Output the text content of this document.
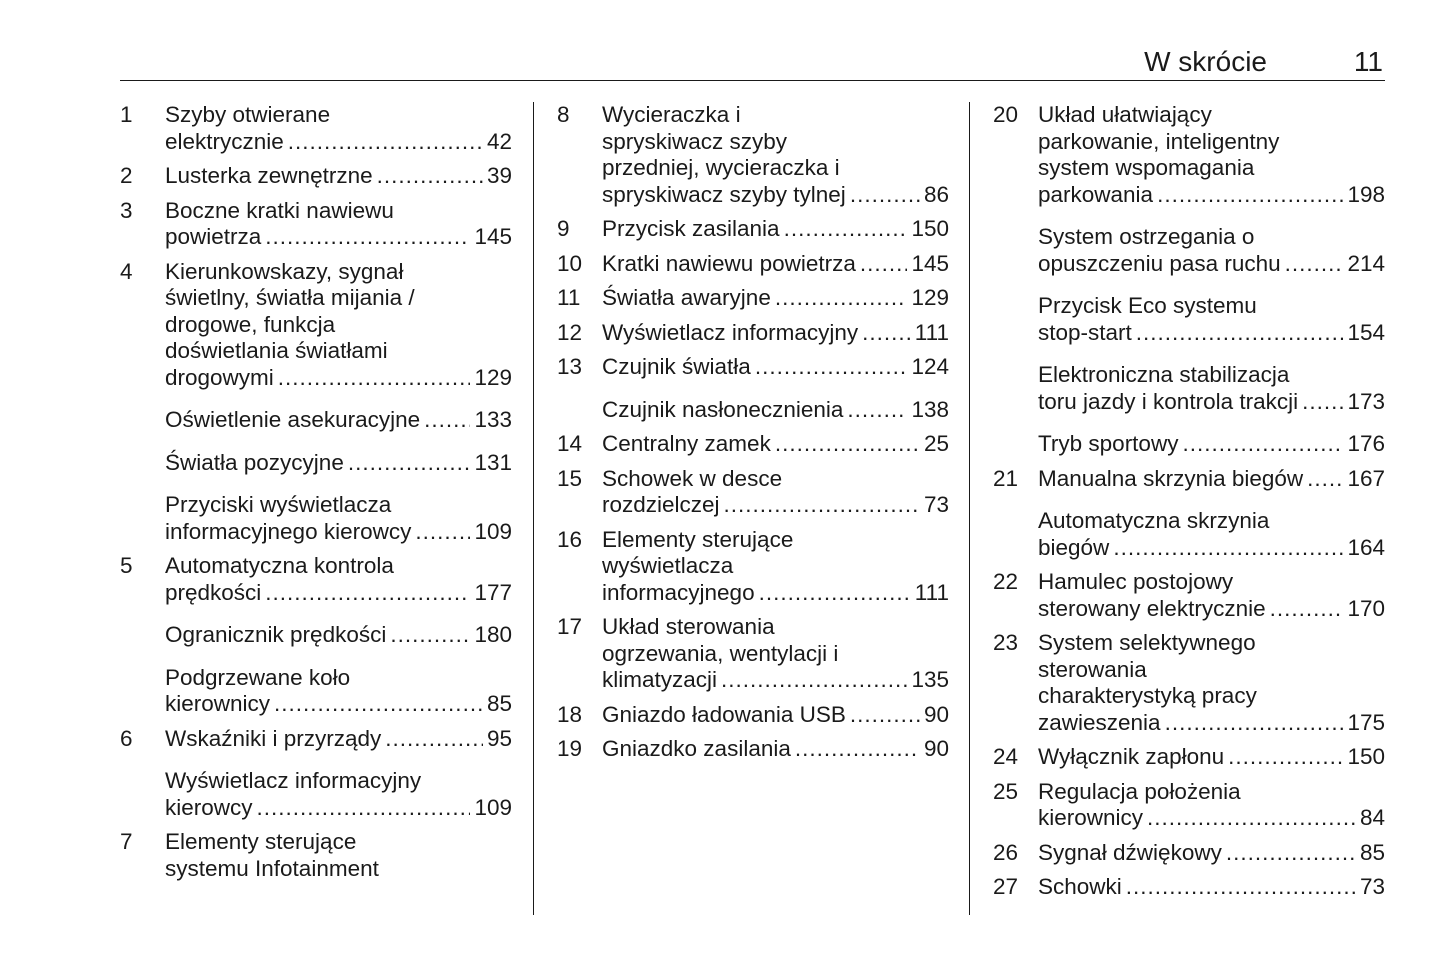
W skrócie	11
1	Szyby otwierane
elektrycznie .....	42
2	Lusterka zewnętrzne .....	39
3	Boczne kratki nawiewu
powietrza .....	145
4	Kierunkowskazy, sygnał
świetlny, światła mijania /
drogowe, funkcja
doświetlania światłami
drogowymi .....	129
Oświetlenie asekuracyjne ..... 133
Światła pozycyjne .....	131
Przyciski wyświetlacza
informacyjnego kierowcy .....	109
5	Automatyczna kontrola
prędkości .....	177
Ogranicznik prędkości .....	180
Podgrzewane koło
kierownicy .....	85
6	Wskaźniki i przyrządy .....	95
Wyświetlacz informacyjny
kierowcy .....	109
7	Elementy sterujące
systemu Infotainment
8	Wycieraczka i
spryskiwacz szyby
przedniej, wycieraczka i
spryskiwacz szyby tylnej .....	86
9	Przycisk zasilania .....	150
10 Kratki nawiewu powietrza ..... 145
11 Światła awaryjne .....	129
12 Wyświetlacz informacyjny .....	111
13 Czujnik światła .....	124
Czujnik nasłonecznienia .....	138
14 Centralny zamek .....	25
15 Schowek w desce
rozdzielczej .....	73
16 Elementy sterujące
wyświetlacza
informacyjnego .....	111
17 Układ sterowania
ogrzewania, wentylacji i
klimatyzacji .....	135
18 Gniazdo ładowania USB .....	90
19 Gniazdko zasilania .....	90
20 Układ ułatwiający
parkowanie, inteligentny
system wspomagania
parkowania .....	198
System ostrzegania o
opuszczeniu pasa ruchu .....	214
Przycisk Eco systemu
stop-start .....	154
Elektroniczna stabilizacja
toru jazdy i kontrola trakcji ..... 173
Tryb sportowy .....	176
21 Manualna skrzynia biegów ..... 167
Automatyczna skrzynia
biegów .....	164
22 Hamulec postojowy
sterowany elektrycznie .....	170
23 System selektywnego
sterowania
charakterystyką pracy
zawieszenia .....	175
24 Wyłącznik zapłonu .....	150
25 Regulacja położenia
kierownicy .....	84
26 Sygnał dźwiękowy .....	85
27 Schowki .....	73
